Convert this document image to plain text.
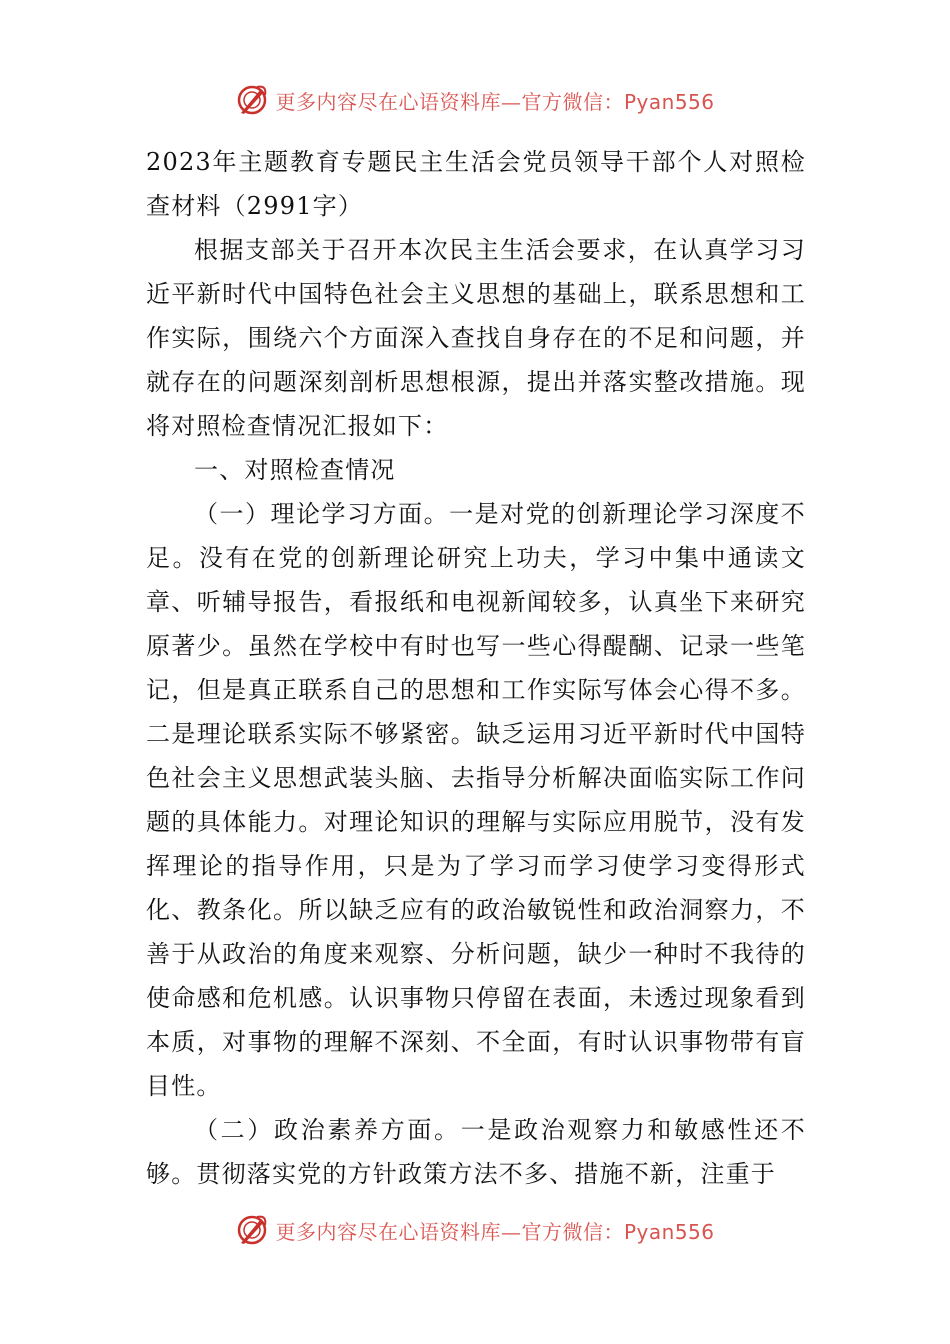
更多内容尽在心语资料库—官方微信：Pyan556

2023年主题教育专题民主生活会党员领导干部个人对照检查材料（2991字）

根据支部关于召开本次民主生活会要求，在认真学习习近平新时代中国特色社会主义思想的基础上，联系思想和工作实际，围绕六个方面深入查找自身存在的不足和问题，并就存在的问题深刻剖析思想根源，提出并落实整改措施。现将对照检查情况汇报如下：

一、对照检查情况

（一）理论学习方面。一是对党的创新理论学习深度不足。没有在党的创新理论研究上功夫，学习中集中通读文章、听辅导报告，看报纸和电视新闻较多，认真坐下来研究原著少。虽然在学校中有时也写一些心得醍醐、记录一些笔记，但是真正联系自己的思想和工作实际写体会心得不多。二是理论联系实际不够紧密。缺乏运用习近平新时代中国特色社会主义思想武装头脑、去指导分析解决面临实际工作问题的具体能力。对理论知识的理解与实际应用脱节，没有发挥理论的指导作用，只是为了学习而学习使学习变得形式化、教条化。所以缺乏应有的政治敏锐性和政治洞察力，不善于从政治的角度来观察、分析问题，缺少一种时不我待的使命感和危机感。认识事物只停留在表面，未透过现象看到本质，对事物的理解不深刻、不全面，有时认识事物带有盲目性。

（二）政治素养方面。一是政治观察力和敏感性还不够。贯彻落实党的方针政策方法不多、措施不新，注重于

更多内容尽在心语资料库—官方微信：Pyan556
